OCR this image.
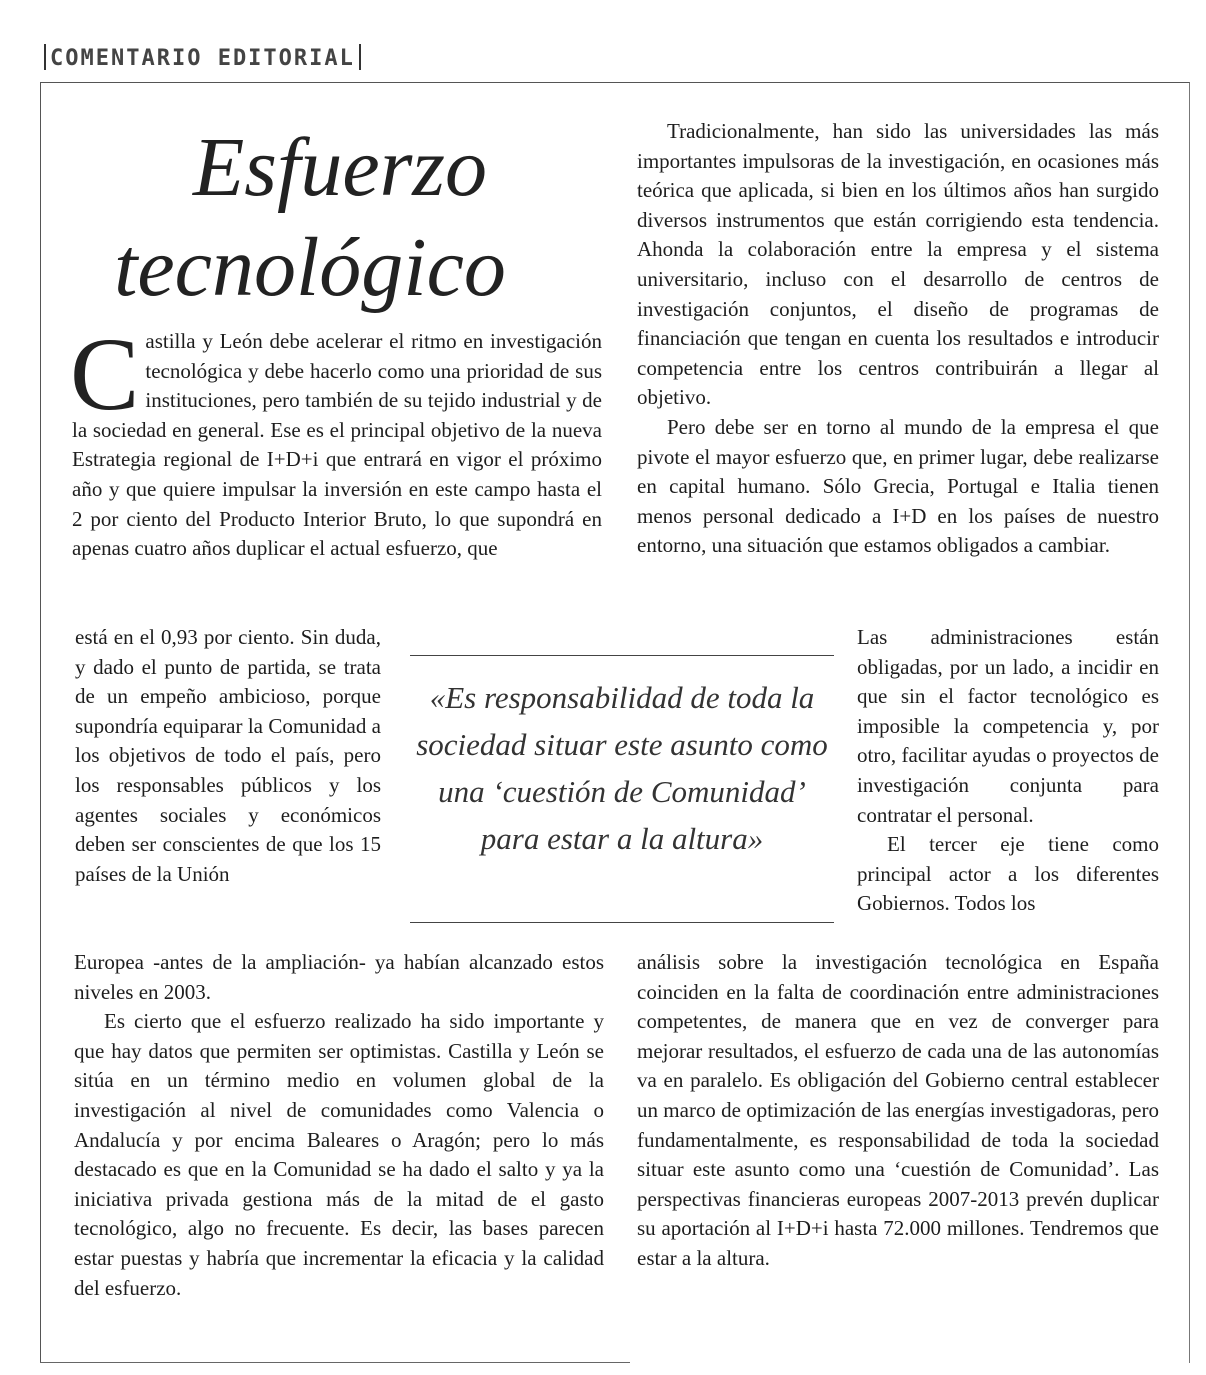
COMENTARIO EDITORIAL
Esfuerzo
tecnológico

Castilla y León debe acelerar el ritmo en investigación tecnológica y debe hacerlo como una prioridad de sus instituciones, pero también de su tejido industrial y de la sociedad en general. Ese es el principal objetivo de la nueva Estrategia regional de I+D+i que entrará en vigor el próximo año y que quiere impulsar la inversión en este campo hasta el 2 por ciento del Producto Interior Bruto, lo que supondrá en apenas cuatro años duplicar el actual esfuerzo, que

está en el 0,93 por ciento. Sin duda, y dado el punto de partida, se trata de un empeño ambicioso, porque supondría equiparar la Comunidad a los objetivos de todo el país, pero los responsables públicos y los agentes sociales y económicos deben ser conscientes de que los 15 países de la Unión

Europea -antes de la ampliación- ya habían alcanzado estos niveles en 2003.

Es cierto que el esfuerzo realizado ha sido importante y que hay datos que permiten ser optimistas. Castilla y León se sitúa en un término medio en volumen global de la investigación al nivel de comunidades como Valencia o Andalucía y por encima Baleares o Aragón; pero lo más destacado es que en la Comunidad se ha dado el salto y ya la iniciativa privada gestiona más de la mitad de el gasto tecnológico, algo no frecuente. Es decir, las bases parecen estar puestas y habría que incrementar la eficacia y la calidad del esfuerzo.

«Es responsabilidad de toda la sociedad situar este asunto como una ‘cuestión de Comunidad’ para estar a la altura»

Tradicionalmente, han sido las universidades las más importantes impulsoras de la investigación, en ocasiones más teórica que aplicada, si bien en los últimos años han surgido diversos instrumentos que están corrigiendo esta tendencia. Ahonda la colaboración entre la empresa y el sistema universitario, incluso con el desarrollo de centros de investigación conjuntos, el diseño de programas de financiación que tengan en cuenta los resultados e introducir competencia entre los centros contribuirán a llegar al objetivo.

Pero debe ser en torno al mundo de la empresa el que pivote el mayor esfuerzo que, en primer lugar, debe realizarse en capital humano. Sólo Grecia, Portugal e Italia tienen menos personal dedicado a I+D en los países de nuestro entorno, una situación que estamos obligados a cambiar.

Las administraciones están obligadas, por un lado, a incidir en que sin el factor tecnológico es imposible la competencia y, por otro, facilitar ayudas o proyectos de investigación conjunta para contratar el personal.

El tercer eje tiene como principal actor a los diferentes Gobiernos. Todos los

análisis sobre la investigación tecnológica en España coinciden en la falta de coordinación entre administraciones competentes, de manera que en vez de converger para mejorar resultados, el esfuerzo de cada una de las autonomías va en paralelo. Es obligación del Gobierno central establecer un marco de optimización de las energías investigadoras, pero fundamentalmente, es responsabilidad de toda la sociedad situar este asunto como una ‘cuestión de Comunidad’. Las perspectivas financieras europeas 2007-2013 prevén duplicar su aportación al I+D+i hasta 72.000 millones. Tendremos que estar a la altura.
